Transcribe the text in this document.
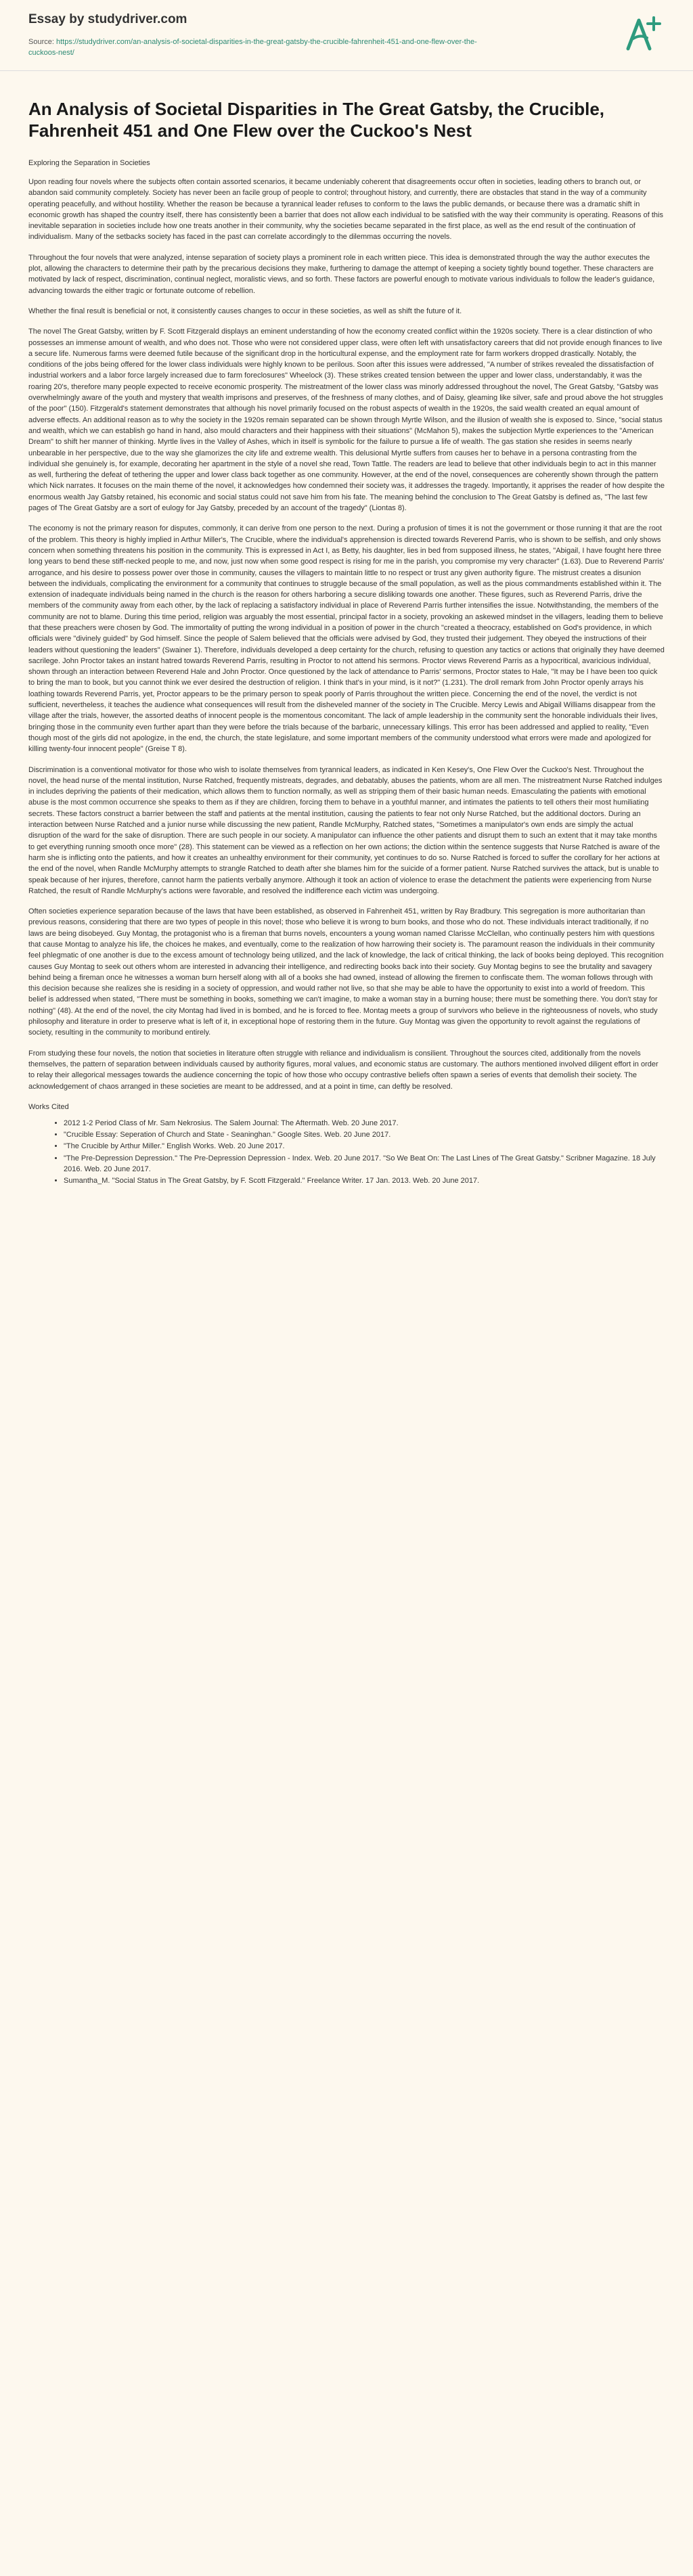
Essay by studydriver.com
Source: https://studydriver.com/an-analysis-of-societal-disparities-in-the-great-gatsby-the-crucible-fahrenheit-451-and-one-flew-over-the-cuckoos-nest/
An Analysis of Societal Disparities in The Great Gatsby, the Crucible, Fahrenheit 451 and One Flew over the Cuckoo's Nest
Exploring the Separation in Societies

Upon reading four novels where the subjects often contain assorted scenarios, it became undeniably coherent that disagreements occur often in societies, leading others to branch out, or abandon said community completely. Society has never been an facile group of people to control; throughout history, and currently, there are obstacles that stand in the way of a community operating peacefully, and without hostility. Whether the reason be because a tyrannical leader refuses to conform to the laws the public demands, or because there was a dramatic shift in economic growth has shaped the country itself, there has consistently been a barrier that does not allow each individual to be satisfied with the way their community is operating. Reasons of this inevitable separation in societies include how one treats another in their community, why the societies became separated in the first place, as well as the end result of the continuation of individualism. Many of the setbacks society has faced in the past can correlate accordingly to the dilemmas occurring the novels.

Throughout the four novels that were analyzed, intense separation of society plays a prominent role in each written piece. This idea is demonstrated through the way the author executes the plot, allowing the characters to determine their path by the precarious decisions they make, furthering to damage the attempt of keeping a society tightly bound together. These characters are motivated by lack of respect, discrimination, continual neglect, moralistic views, and so forth. These factors are powerful enough to motivate various individuals to follow the leader's guidance, advancing towards the either tragic or fortunate outcome of rebellion.

Whether the final result is beneficial or not, it consistently causes changes to occur in these societies, as well as shift the future of it.

The novel The Great Gatsby, written by F. Scott Fitzgerald displays an eminent understanding of how the economy created conflict within the 1920s society. There is a clear distinction of who possesses an immense amount of wealth, and who does not. Those who were not considered upper class, were often left with unsatisfactory careers that did not provide enough finances to live a secure life. Numerous farms were deemed futile because of the significant drop in the horticultural expense, and the employment rate for farm workers dropped drastically. Notably, the conditions of the jobs being offered for the lower class individuals were highly known to be perilous. Soon after this issues were addressed, "A number of strikes revealed the dissatisfaction of industrial workers and a labor force largely increased due to farm foreclosures" Wheelock (3). These strikes created tension between the upper and lower class, understandably, it was the roaring 20's, therefore many people expected to receive economic prosperity. The mistreatment of the lower class was minorly addressed throughout the novel, The Great Gatsby, "Gatsby was overwhelmingly aware of the youth and mystery that wealth imprisons and preserves, of the freshness of many clothes, and of Daisy, gleaming like silver, safe and proud above the hot struggles of the poor" (150). Fitzgerald's statement demonstrates that although his novel primarily focused on the robust aspects of wealth in the 1920s, the said wealth created an equal amount of adverse effects. An additional reason as to why the society in the 1920s remain separated can be shown through Myrtle Wilson, and the illusion of wealth she is exposed to. Since, "social status and wealth, which we can establish go hand in hand, also mould characters and their happiness with their situations" (McMahon 5), makes the subjection Myrtle experiences to the "American Dream" to shift her manner of thinking. Myrtle lives in the Valley of Ashes, which in itself is symbolic for the failure to pursue a life of wealth. The gas station she resides in seems nearly unbearable in her perspective, due to the way she glamorizes the city life and extreme wealth. This delusional Myrtle suffers from causes her to behave in a persona contrasting from the individual she genuinely is, for example, decorating her apartment in the style of a novel she read, Town Tattle. The readers are lead to believe that other individuals begin to act in this manner as well, furthering the defeat of tethering the upper and lower class back together as one community. However, at the end of the novel, consequences are coherently shown through the pattern which Nick narrates. It focuses on the main theme of the novel, it acknowledges how condemned their society was, it addresses the tragedy. Importantly, it apprises the reader of how despite the enormous wealth Jay Gatsby retained, his economic and social status could not save him from his fate. The meaning behind the conclusion to The Great Gatsby is defined as, "The last few pages of The Great Gatsby are a sort of eulogy for Jay Gatsby, preceded by an account of the tragedy" (Liontas 8).

The economy is not the primary reason for disputes, commonly, it can derive from one person to the next. During a profusion of times it is not the government or those running it that are the root of the problem. This theory is highly implied in Arthur Miller's, The Crucible, where the individual's apprehension is directed towards Reverend Parris, who is shown to be selfish, and only shows concern when something threatens his position in the community. This is expressed in Act I, as Betty, his daughter, lies in bed from supposed illness, he states, "Abigail, I have fought here three long years to bend these stiff-necked people to me, and now, just now when some good respect is rising for me in the parish, you compromise my very character" (1.63). Due to Reverend Parris' arrogance, and his desire to possess power over those in community, causes the villagers to maintain little to no respect or trust any given authority figure. The mistrust creates a disunion between the individuals, complicating the environment for a community that continues to struggle because of the small population, as well as the pious commandments established within it. The extension of inadequate individuals being named in the church is the reason for others harboring a secure disliking towards one another. These figures, such as Reverend Parris, drive the members of the community away from each other, by the lack of replacing a satisfactory individual in place of Reverend Parris further intensifies the issue. Notwithstanding, the members of the community are not to blame. During this time period, religion was arguably the most essential, principal factor in a society, provoking an askewed mindset in the villagers, leading them to believe that these preachers were chosen by God. The immortality of putting the wrong individual in a position of power in the church "created a theocracy, established on God's providence, in which officials were "divinely guided" by God himself. Since the people of Salem believed that the officials were advised by God, they trusted their judgement. They obeyed the instructions of their leaders without questioning the leaders" (Swainer 1). Therefore, individuals developed a deep certainty for the church, refusing to question any tactics or actions that originally they have deemed sacrilege. John Proctor takes an instant hatred towards Reverend Parris, resulting in Proctor to not attend his sermons. Proctor views Reverend Parris as a hypocritical, avaricious individual, shown through an interaction between Reverend Hale and John Proctor. Once questioned by the lack of attendance to Parris' sermons, Proctor states to Hale, "It may be I have been too quick to bring the man to book, but you cannot think we ever desired the destruction of religion. I think that's in your mind, is it not?" (1.231). The droll remark from John Proctor openly arrays his loathing towards Reverend Parris, yet, Proctor appears to be the primary person to speak poorly of Parris throughout the written piece. Concerning the end of the novel, the verdict is not sufficient, nevertheless, it teaches the audience what consequences will result from the disheveled manner of the society in The Crucible. Mercy Lewis and Abigail Williams disappear from the village after the trials, however, the assorted deaths of innocent people is the momentous concomitant. The lack of ample leadership in the community sent the honorable individuals their lives, bringing those in the community even further apart than they were before the trials because of the barbaric, unnecessary killings. This error has been addressed and applied to reality, "Even though most of the girls did not apologize, in the end, the church, the state legislature, and some important members of the community understood what errors were made and apologized for killing twenty-four innocent people" (Greise T 8).

Discrimination is a conventional motivator for those who wish to isolate themselves from tyrannical leaders, as indicated in Ken Kesey's, One Flew Over the Cuckoo's Nest. Throughout the novel, the head nurse of the mental institution, Nurse Ratched, frequently mistreats, degrades, and debatably, abuses the patients, whom are all men. The mistreatment Nurse Ratched indulges in includes depriving the patients of their medication, which allows them to function normally, as well as stripping them of their basic human needs. Emasculating the patients with emotional abuse is the most common occurrence she speaks to them as if they are children, forcing them to behave in a youthful manner, and intimates the patients to tell others their most humiliating secrets. These factors construct a barrier between the staff and patients at the mental institution, causing the patients to fear not only Nurse Ratched, but the additional doctors. During an interaction between Nurse Ratched and a junior nurse while discussing the new patient, Randle McMurphy, Ratched states, "Sometimes a manipulator's own ends are simply the actual disruption of the ward for the sake of disruption. There are such people in our society. A manipulator can influence the other patients and disrupt them to such an extent that it may take months to get everything running smooth once more" (28). This statement can be viewed as a reflection on her own actions; the diction within the sentence suggests that Nurse Ratched is aware of the harm she is inflicting onto the patients, and how it creates an unhealthy environment for their community, yet continues to do so. Nurse Ratched is forced to suffer the corollary for her actions at the end of the novel, when Randle McMurphy attempts to strangle Ratched to death after she blames him for the suicide of a former patient. Nurse Ratched survives the attack, but is unable to speak because of her injures, therefore, cannot harm the patients verbally anymore. Although it took an action of violence to erase the detachment the patients were experiencing from Nurse Ratched, the result of Randle McMurphy's actions were favorable, and resolved the indifference each victim was undergoing.

Often societies experience separation because of the laws that have been established, as observed in Fahrenheit 451, written by Ray Bradbury. This segregation is more authoritarian than previous reasons, considering that there are two types of people in this novel; those who believe it is wrong to burn books, and those who do not. These individuals interact traditionally, if no laws are being disobeyed. Guy Montag, the protagonist who is a fireman that burns novels, encounters a young woman named Clarisse McClellan, who continually pesters him with questions that cause Montag to analyze his life, the choices he makes, and eventually, come to the realization of how harrowing their society is. The paramount reason the individuals in their community feel phlegmatic of one another is due to the excess amount of technology being utilized, and the lack of knowledge, the lack of critical thinking, the lack of books being deployed. This recognition causes Guy Montag to seek out others whom are interested in advancing their intelligence, and redirecting books back into their society. Guy Montag begins to see the brutality and savagery behind being a fireman once he witnesses a woman burn herself along with all of a books she had owned, instead of allowing the firemen to confiscate them. The woman follows through with this decision because she realizes she is residing in a society of oppression, and would rather not live, so that she may be able to have the opportunity to exist into a world of freedom. This belief is addressed when stated, "There must be something in books, something we can't imagine, to make a woman stay in a burning house; there must be something there. You don't stay for nothing" (48). At the end of the novel, the city Montag had lived in is bombed, and he is forced to flee. Montag meets a group of survivors who believe in the righteousness of novels, who study philosophy and literature in order to preserve what is left of it, in exceptional hope of restoring them in the future. Guy Montag was given the opportunity to revolt against the regulations of society, resulting in the community to moribund entirely.

From studying these four novels, the notion that societies in literature often struggle with reliance and individualism is consilient. Throughout the sources cited, additionally from the novels themselves, the pattern of separation between individuals caused by authority figures, moral values, and economic status are customary. The authors mentioned involved diligent effort in order to relay their allegorical messages towards the audience concerning the topic of how those who occupy contrastive beliefs often spawn a series of events that demolish their society. The acknowledgement of chaos arranged in these societies are meant to be addressed, and at a point in time, can deftly be resolved.

Works Cited
• 2012 1-2 Period Class of Mr. Sam Nekrosius. The Salem Journal: The Aftermath. Web. 20 June 2017.
• "Crucible Essay: Seperation of Church and State - Seaninghan." Google Sites. Web. 20 June 2017.
• "The Crucible by Arthur Miller." English Works. Web. 20 June 2017.
• "The Pre-Depression Depression." The Pre-Depression Depression - Index. Web. 20 June 2017. "So We Beat On: The Last Lines of The Great Gatsby." Scribner Magazine. 18 July 2016. Web. 20 June 2017.
• Sumantha_M. "Social Status in The Great Gatsby, by F. Scott Fitzgerald." Freelance Writer. 17 Jan. 2013. Web. 20 June 2017.
